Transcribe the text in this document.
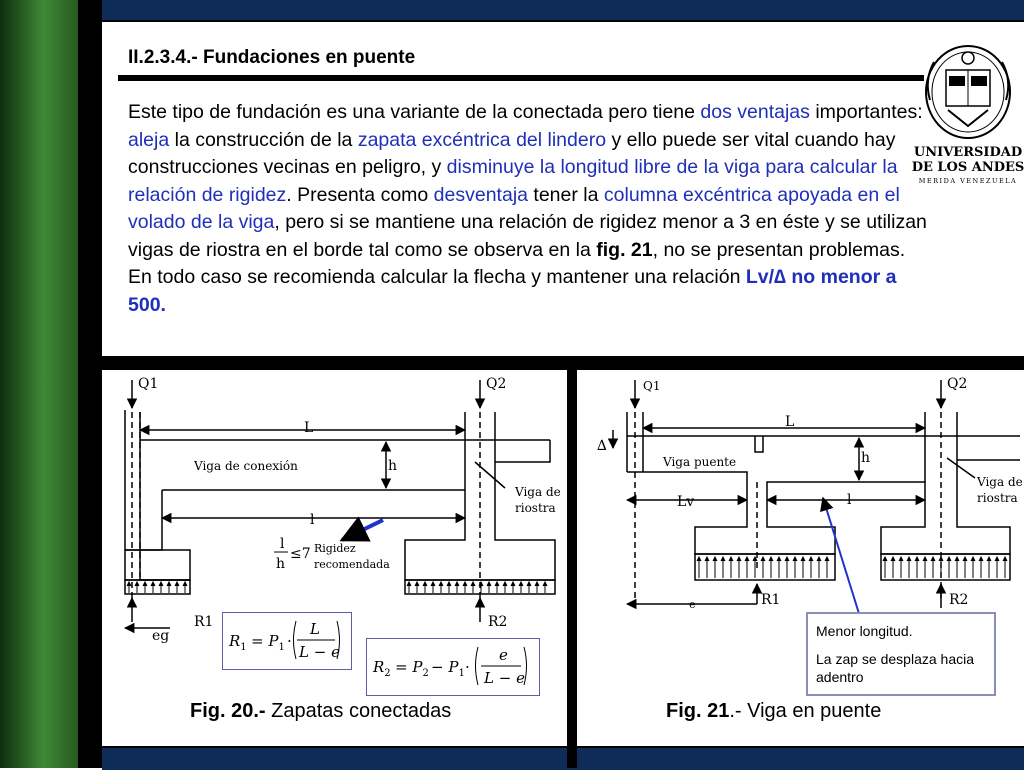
II.2.3.4.- Fundaciones en puente
Este tipo de fundación es una variante de la conectada pero tiene dos ventajas importantes: aleja la construcción de la zapata excéntrica del lindero y ello puede ser vital cuando hay construcciones vecinas en peligro, y disminuye la longitud libre de la viga para calcular la relación de rigidez. Presenta como desventaja tener la columna excéntrica apoyada en el volado de la viga, pero si se mantiene una relación de rigidez menor a 3 en éste y se utilizan vigas de riostra en el borde tal como se observa en la fig. 21, no se presentan problemas. En todo caso se recomienda calcular la flecha y mantener una relación Lv/∆ no menor a 500.
UNIVERSIDAD
DE LOS ANDES
MERIDA VENEZUELA
Q1	Q2
L
h
l
Viga de conexión
Viga de
riostra
l
h
≤7 Rigidez
recomendada
R1	R2
eg	$R_1 = P_1$ ·
L
L − e
$R_2 = P_2 - P_1$ ·
e
L − e
Fig. 20.- Zapatas conectadas
Q1	Q2
L
∆
h
Viga puente
Lv	l
Viga de
riostra
R1	R2
e

Menor longitud.

La zap se desplaza hacia adentro

Fig. 21.- Viga en puente
